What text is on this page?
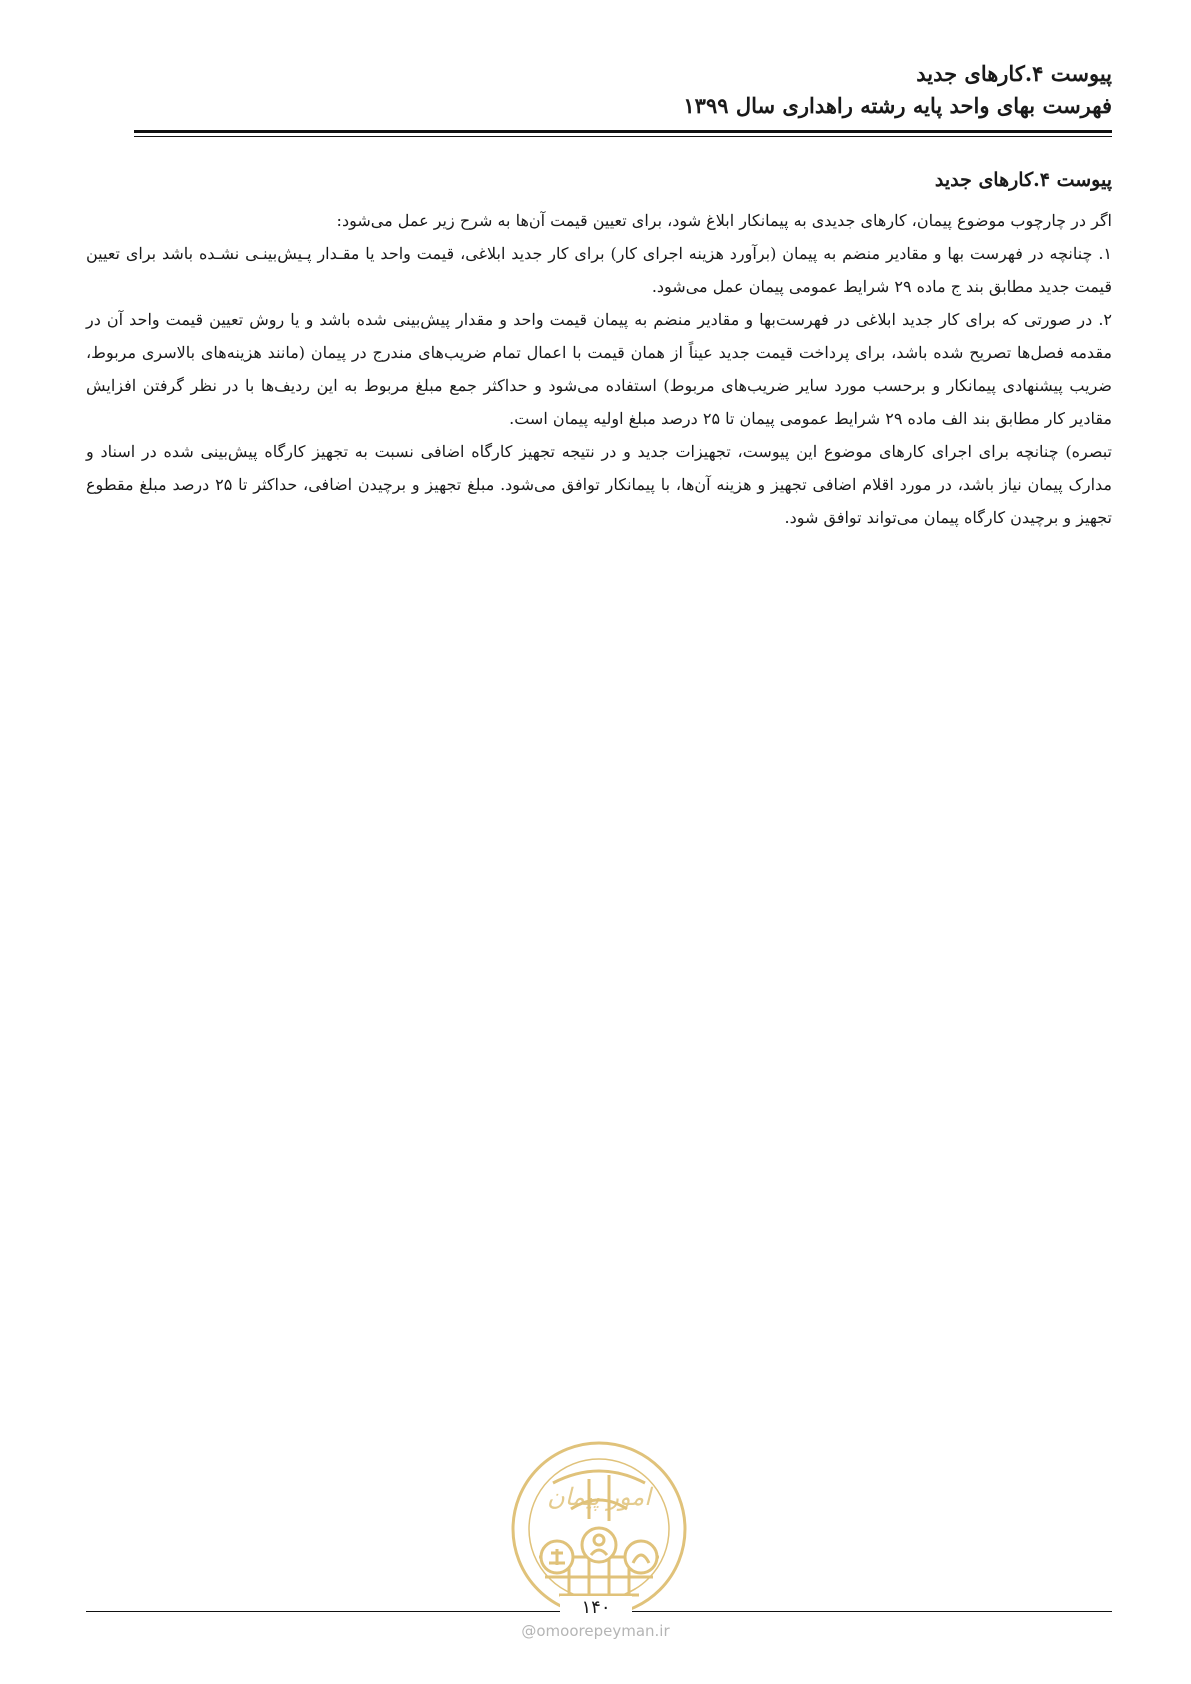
پیوست ۴.کارهای جدید
فهرست بهای واحد پایه رشته راهداری سال ۱۳۹۹
پیوست ۴.کارهای جدید
اگر در چارچوب موضوع پیمان، کارهای جدیدی به پیمانکار ابلاغ شود، برای تعیین قیمت آن‌ها به شرح زیر عمل می‌شود:
۱. چنانچه در فهرست بها و مقادیر منضم به پیمان (برآورد هزینه اجرای کار) برای کار جدید ابلاغی، قیمت واحد یا مقـدار پـیش‌بینـی نشـده باشد برای تعیین قیمت جدید مطابق بند ج ماده ۲۹ شرایط عمومی پیمان عمل می‌شود.
۲. در صورتی که برای کار جدید ابلاغی در فهرست‌بها و مقادیر منضم به پیمان قیمت واحد و مقدار پیش‌بینی شده باشد و یا روش تعیین قیمت واحد آن در مقدمه فصل‌ها تصریح شده باشد، برای پرداخت قیمت جدید عیناً از همان قیمت با اعمال تمام ضریب‌های مندرج در پیمان (مانند هزینه‌های بالاسری مربوط، ضریب پیشنهادی پیمانکار و برحسب مورد سایر ضریب‌های مربوط) استفاده می‌شود و حداکثر جمع مبلغ مربوط به این ردیف‌ها با در نظر گرفتن افزایش مقادیر کار مطابق بند الف ماده ۲۹ شرایط عمومی پیمان تا ۲۵ درصد مبلغ اولیه پیمان است.
تبصره) چنانچه برای اجرای کارهای موضوع این پیوست، تجهیزات جدید و در نتیجه تجهیز کارگاه اضافی نسبت به تجهیز کارگاه پیش‌بینی شده در اسناد و مدارک پیمان نیاز باشد، در مورد اقلام اضافی تجهیز و هزینه آن‌ها، با پیمانکار توافق می‌شود. مبلغ تجهیز و برچیدن اضافی، حداکثر تا ۲۵ درصد مبلغ مقطوع تجهیز و برچیدن کارگاه پیمان می‌تواند توافق شود.
امور پیمان
۱۴۰
@omoorepeyman.ir
